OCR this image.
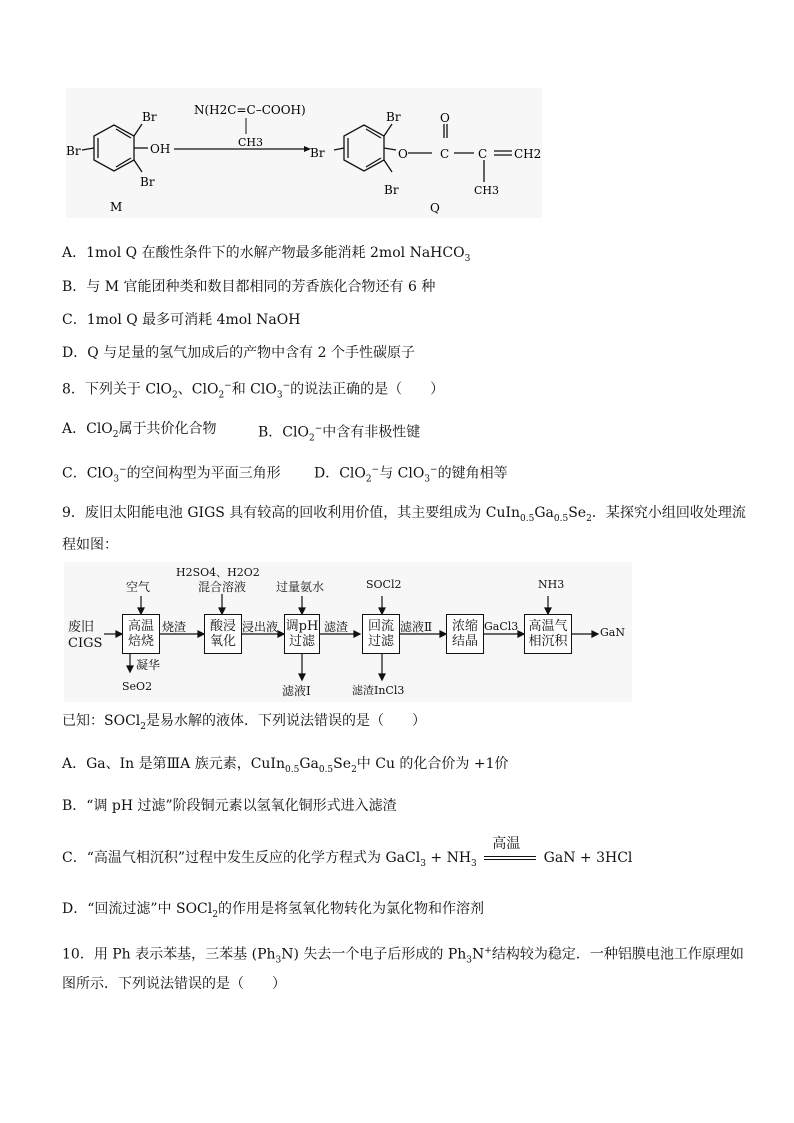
Br
Br
Br	OH
M
N(H2C=C–COOH)
CH3
Br
Br
Br	O	C
O
C CH2
CH3
Q
A．1mol Q 在酸性条件下的水解产物最多能消耗 2mol NaHCO$_3$
B．与 M 官能团种类和数目都相同的芳香族化合物还有 6 种
C．1mol Q 最多可消耗 4mol NaOH
D．Q 与足量的氢气加成后的产物中含有 2 个手性碳原子
8．下列关于 ClO$_2$、ClO$_2$−和 ClO$_3$−的说法正确的是（　　）
A．ClO$_2$属于共价化合物	B．ClO$_2$−中含有非极性键
C．ClO$_3$−的空间构型为平面三角形 D．ClO$_2$−与 ClO$_3$−的键角相等
9．废旧太阳能电池 GIGS 具有较高的回收利用价值，其主要组成为 $CuIn_{0.5}Ga_{0.5}Se_2$．某探究小组回收处理流
程如图：
废旧
CIGS
高温
焙烧
酸浸
氧化
调pH
过滤
回流
过滤
浓缩
结晶
高温气
相沉积
空气
H2SO4、H2O2
混合溶液 过量氨水	SOCl2	NH3
烧渣	浸出液	滤渣	滤液Ⅱ	GaCl3	GaN
凝华
SeO2	滤液Ⅰ	滤渣InCl3
已知：SOCl$_2$是易水解的液体．下列说法错误的是（　　）
A．Ga、In 是第ⅢA 族元素，$CuIn_{0.5}Ga_{0.5}Se_2$中 Cu 的化合价为 +1价
B．“调 pH 过滤”阶段铜元素以氢氧化铜形式进入滤渣
C．“高温气相沉积”过程中发生反应的化学方程式为 GaCl$_3$ + $NH_3$
高温
GaN + 3HCl
D．“回流过滤”中 SOCl$_2$的作用是将氢氧化物转化为氯化物和作溶剂
10．用 Ph 表示苯基，三苯基 $(Ph_3N)$ 失去一个电子后形成的 $Ph_3N^+$结构较为稳定．一种铝膜电池工作原理如
图所示．下列说法错误的是（　　）
